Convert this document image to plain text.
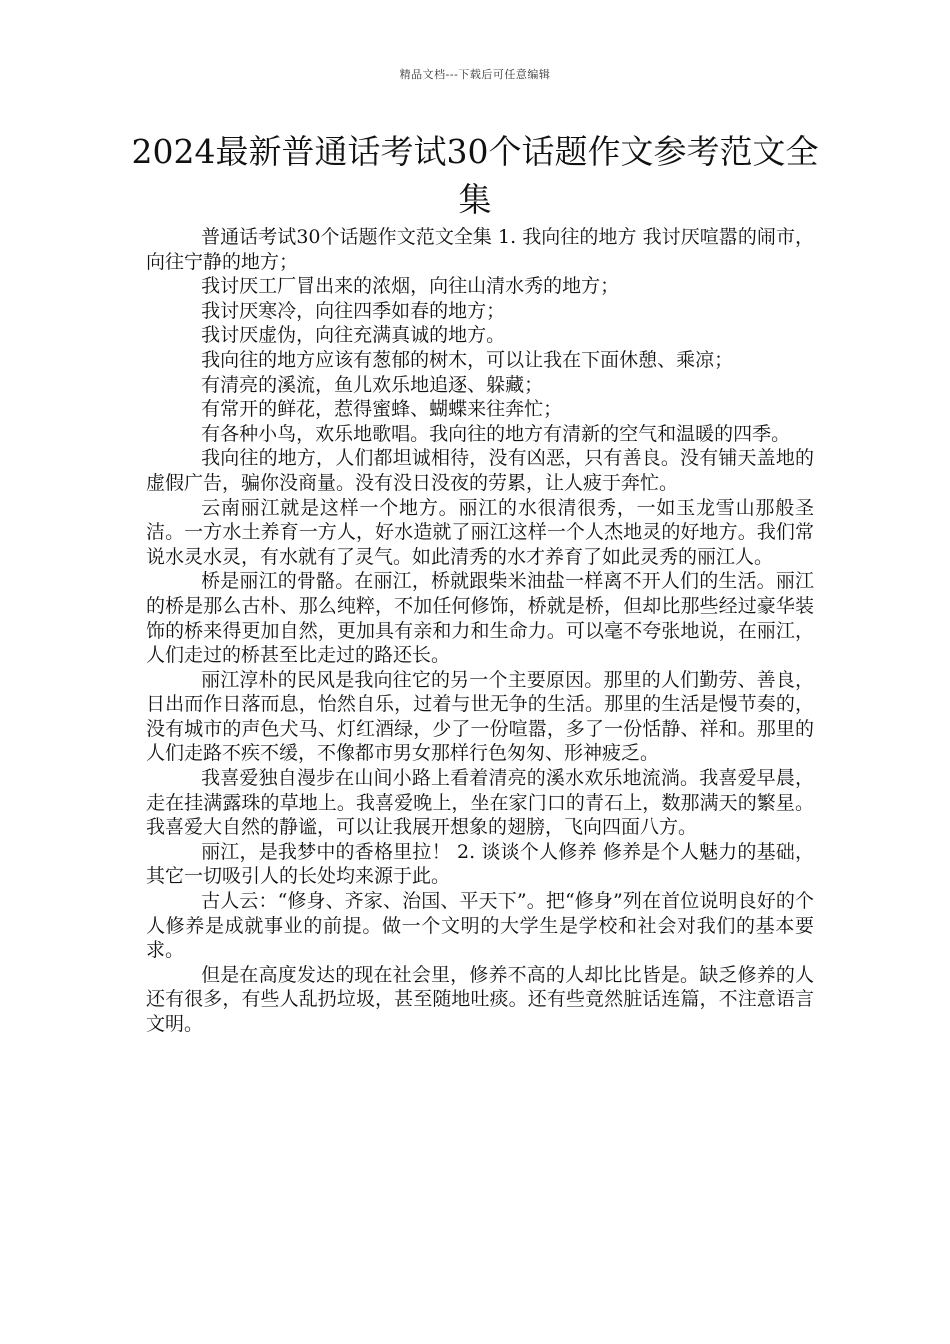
精品文档---下载后可任意编辑
2024最新普通话考试30个话题作文参考范文全集

普通话考试30个话题作文范文全集 1. 我向往的地方 我讨厌喧嚣的闹市，向往宁静的地方；

我讨厌工厂冒出来的浓烟，向往山清水秀的地方；

我讨厌寒冷，向往四季如春的地方；

我讨厌虚伪，向往充满真诚的地方。

我向往的地方应该有葱郁的树木，可以让我在下面休憩、乘凉；

有清亮的溪流，鱼儿欢乐地追逐、躲藏；

有常开的鲜花，惹得蜜蜂、蝴蝶来往奔忙；

有各种小鸟，欢乐地歌唱。我向往的地方有清新的空气和温暖的四季。

我向往的地方，人们都坦诚相待，没有凶恶，只有善良。没有铺天盖地的虚假广告，骗你没商量。没有没日没夜的劳累，让人疲于奔忙。

云南丽江就是这样一个地方。丽江的水很清很秀，一如玉龙雪山那般圣洁。一方水土养育一方人，好水造就了丽江这样一个人杰地灵的好地方。我们常说水灵水灵，有水就有了灵气。如此清秀的水才养育了如此灵秀的丽江人。

桥是丽江的骨骼。在丽江，桥就跟柴米油盐一样离不开人们的生活。丽江的桥是那么古朴、那么纯粹，不加任何修饰，桥就是桥，但却比那些经过豪华装饰的桥来得更加自然，更加具有亲和力和生命力。可以毫不夸张地说，在丽江，人们走过的桥甚至比走过的路还长。

丽江淳朴的民风是我向往它的另一个主要原因。那里的人们勤劳、善良，日出而作日落而息，怡然自乐，过着与世无争的生活。那里的生活是慢节奏的，没有城市的声色犬马、灯红酒绿，少了一份喧嚣，多了一份恬静、祥和。那里的人们走路不疾不缓，不像都市男女那样行色匆匆、形神疲乏。

我喜爱独自漫步在山间小路上看着清亮的溪水欢乐地流淌。我喜爱早晨，走在挂满露珠的草地上。我喜爱晚上，坐在家门口的青石上，数那满天的繁星。我喜爱大自然的静谧，可以让我展开想象的翅膀，飞向四面八方。

丽江，是我梦中的香格里拉！ 2. 谈谈个人修养 修养是个人魅力的基础，其它一切吸引人的长处均来源于此。

古人云：“修身、齐家、治国、平天下”。把“修身”列在首位说明良好的个人修养是成就事业的前提。做一个文明的大学生是学校和社会对我们的基本要求。

但是在高度发达的现在社会里，修养不高的人却比比皆是。缺乏修养的人还有很多，有些人乱扔垃圾，甚至随地吐痰。还有些竟然脏话连篇，不注意语言文明。
